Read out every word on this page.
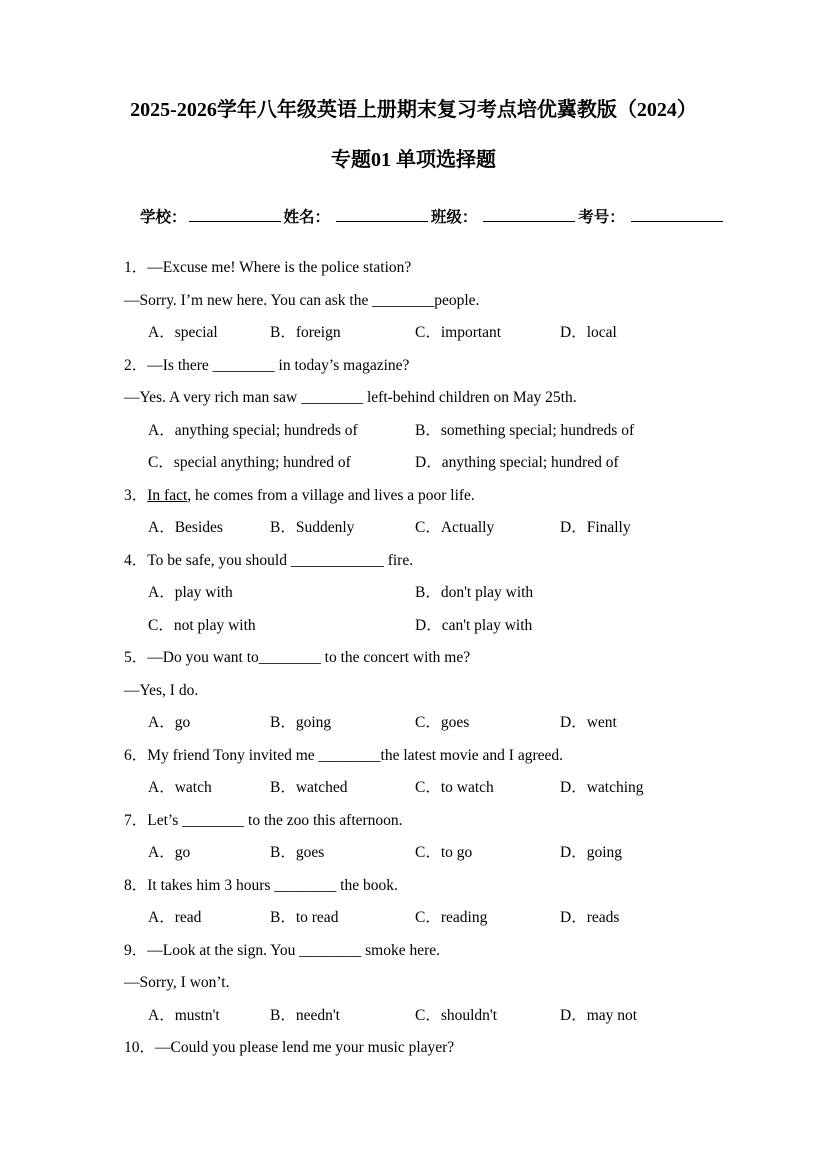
2025-2026学年八年级英语上册期末复习考点培优冀教版（2024）
专题01 单项选择题
学校：	姓名：	班级：	考号：
1．—Excuse me! Where is the police station?
—Sorry. I’m new here. You can ask the ________people.
A．special	B．foreign	C．important	D．local
2．—Is there ________ in today’s magazine?
—Yes. A very rich man saw ________ left-behind children on May 25th.
A．anything special; hundreds of	B．something special; hundreds of
C．special anything; hundred of	D．anything special; hundred of
3．In fact, he comes from a village and lives a poor life.
A．Besides	B．Suddenly	C．Actually	D．Finally
4．To be safe, you should ____________ fire.
A．play with	B．don't play with
C．not play with	D．can't play with
5．—Do you want to________ to the concert with me?
—Yes, I do.
A．go	B．going	C．goes	D．went
6．My friend Tony invited me ________the latest movie and I agreed.
A．watch	B．watched	C．to watch	D．watching
7．Let’s ________ to the zoo this afternoon.
A．go	B．goes	C．to go	D．going
8．It takes him 3 hours ________ the book.
A．read	B．to read	C．reading	D．reads
9．—Look at the sign. You ________ smoke here.
—Sorry, I won’t.
A．mustn't	B．needn't	C．shouldn't	D．may not
10．—Could you please lend me your music player?
